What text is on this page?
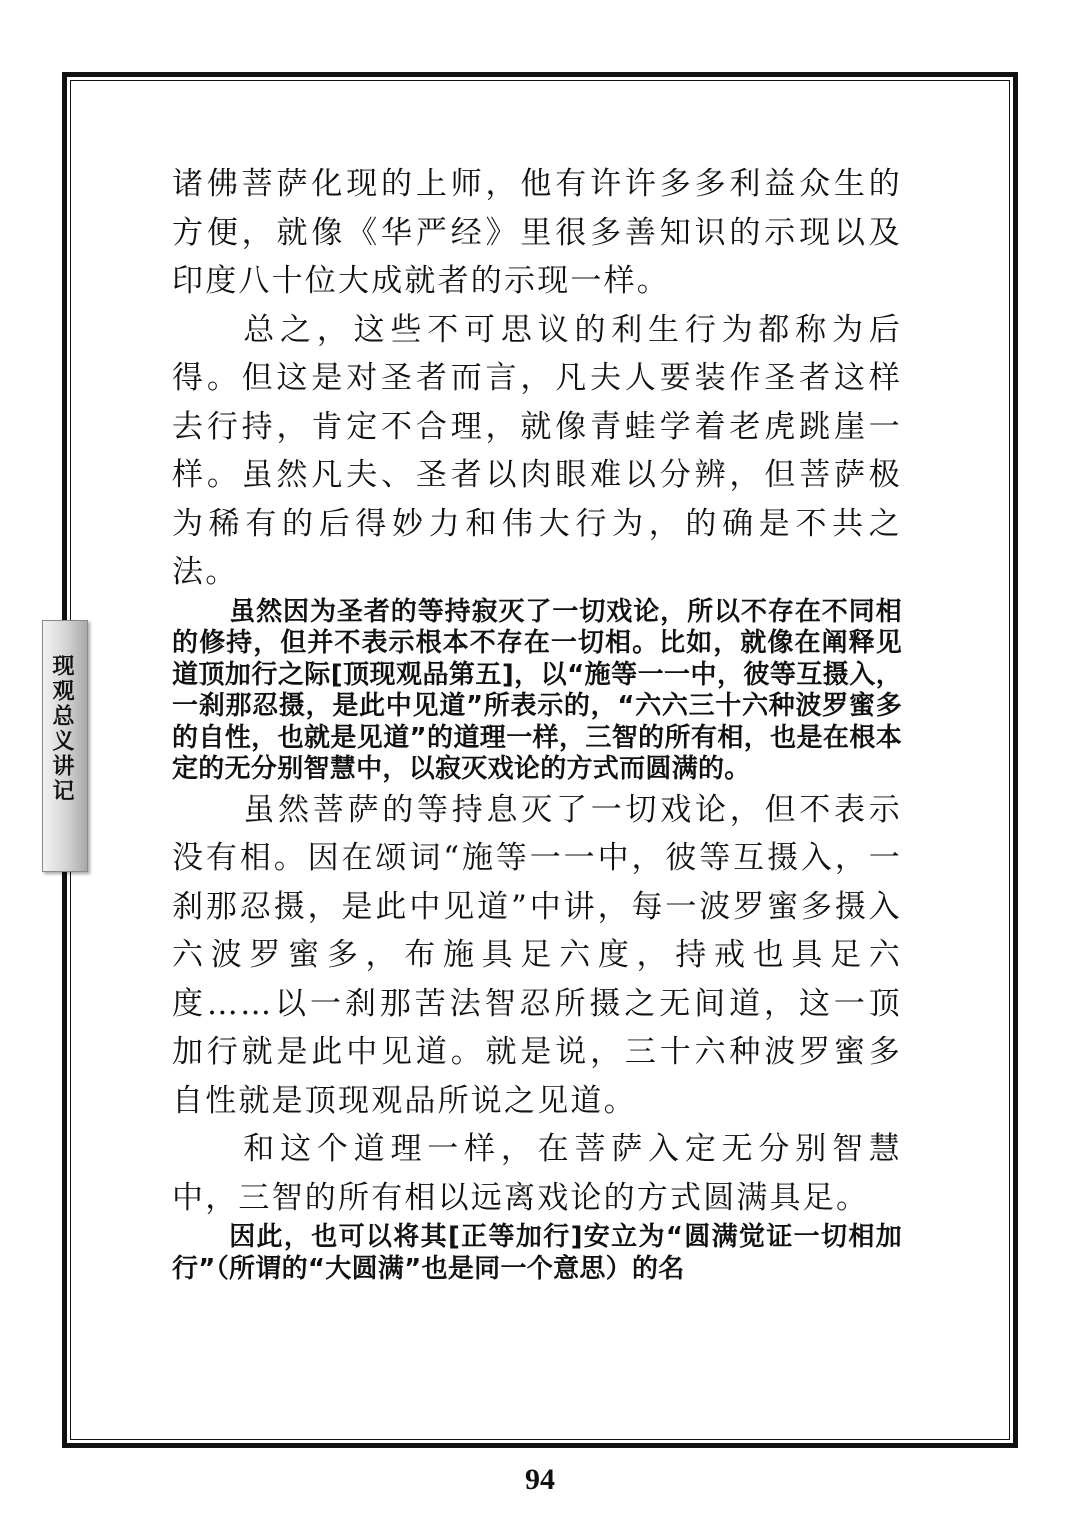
现观总义讲记

诸佛菩萨化现的上师，他有许许多多利益众生的方便，就像《华严经》里很多善知识的示现以及印度八十位大成就者的示现一样。

总之，这些不可思议的利生行为都称为后得。但这是对圣者而言，凡夫人要装作圣者这样去行持，肯定不合理，就像青蛙学着老虎跳崖一样。虽然凡夫、圣者以肉眼难以分辨，但菩萨极为稀有的后得妙力和伟大行为，的确是不共之法。

虽然因为圣者的等持寂灭了一切戏论，所以不存在不同相的修持，但并不表示根本不存在一切相。比如，就像在阐释见道顶加行之际[顶现观品第五]，以“施等一一中，彼等互摄入，一刹那忍摄，是此中见道”所表示的，“六六三十六种波罗蜜多的自性，也就是见道”的道理一样，三智的所有相，也是在根本定的无分别智慧中，以寂灭戏论的方式而圆满的。

虽然菩萨的等持息灭了一切戏论，但不表示没有相。因在颂词“施等一一中，彼等互摄入，一刹那忍摄，是此中见道”中讲，每一波罗蜜多摄入六波罗蜜多，布施具足六度，持戒也具足六度……以一刹那苦法智忍所摄之无间道，这一顶加行就是此中见道。就是说，三十六种波罗蜜多自性就是顶现观品所说之见道。

和这个道理一样，在菩萨入定无分别智慧中，三智的所有相以远离戏论的方式圆满具足。

因此，也可以将其[正等加行]安立为“圆满觉证一切相加行”（所谓的“大圆满”也是同一个意思）的名

94
